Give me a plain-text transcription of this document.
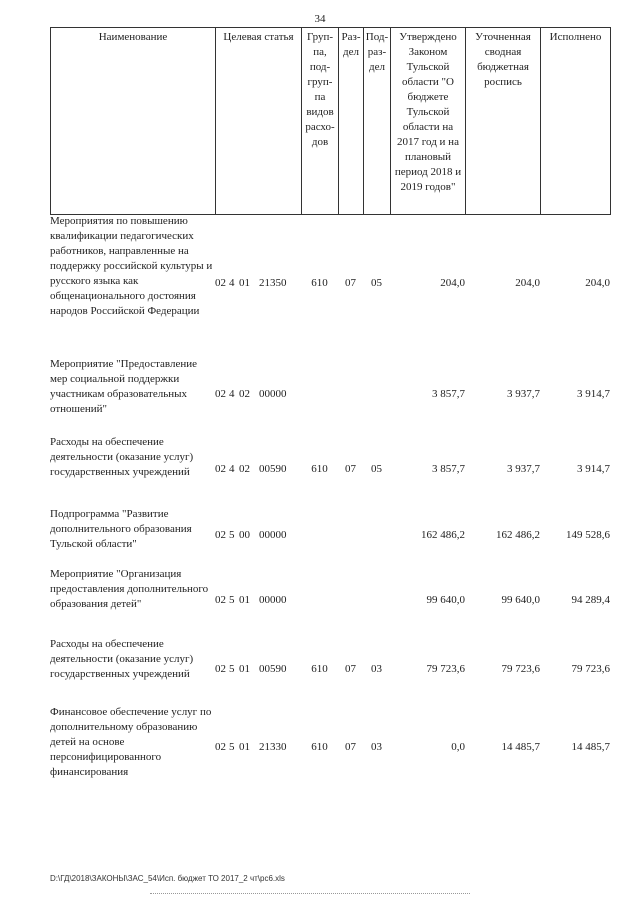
34
Наименование	Целевая статья	Груп-па, под-груп-па видов расхо-дов	Раз-дел	Под-раз-дел	Утверждено Законом Тульской области "О бюджете Тульской области на 2017 год и на плановый период 2018 и 2019 годов"	Уточненная сводная бюджетная роспись	Исполнено
Мероприятия по повышению квалификации педагогических работников, направленные на поддержку российской культуры и русского языка как общенационального достояния народов Российской Федерации	02 4 01 21350	610	07	05	204,0	204,0	204,0
Мероприятие "Предоставление мер социальной поддержки участникам образовательных отношений"	02 4 02 00000				3 857,7	3 937,7	3 914,7
Расходы на обеспечение деятельности (оказание услуг) государственных учреждений	02 4 02 00590	610	07	05	3 857,7	3 937,7	3 914,7
Подпрограмма "Развитие дополнительного образования Тульской области"	02 5 00 00000				162 486,2	162 486,2	149 528,6
Мероприятие "Организация предоставления дополнительного образования детей"	02 5 01 00000				99 640,0	99 640,0	94 289,4
Расходы на обеспечение деятельности (оказание услуг) государственных учреждений	02 5 01 00590	610	07	03	79 723,6	79 723,6	79 723,6
Финансовое обеспечение услуг по дополнительному образованию детей на основе персонифицированного финансирования	02 5 01 21330	610	07	03	0,0	14 485,7	14 485,7
D:\ГД\2018\ЗАКОНЫ\ЗАС_54\Исп. бюджет ТО 2017_2 чт\рc6.xls
